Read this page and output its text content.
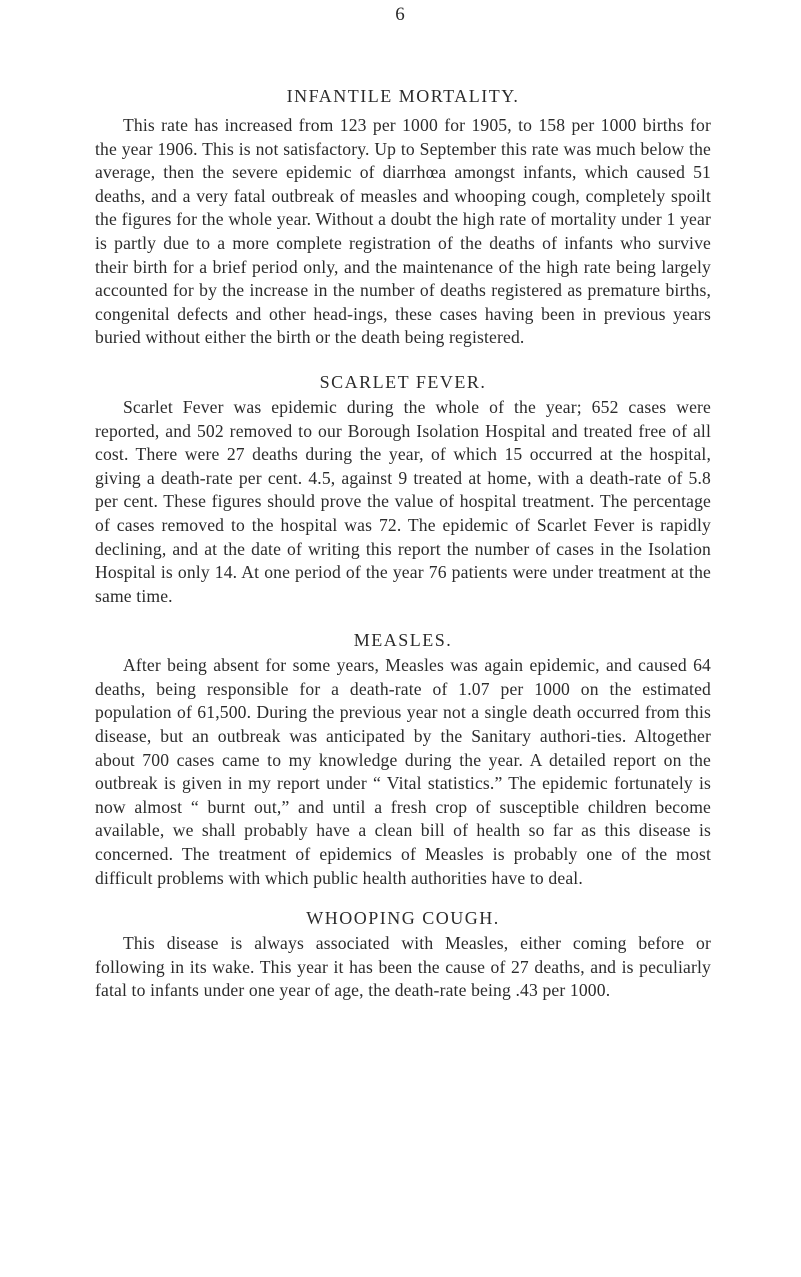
6
INFANTILE MORTALITY.

This rate has increased from 123 per 1000 for 1905, to 158 per 1000 births for the year 1906. This is not satisfactory. Up to September this rate was much below the average, then the severe epidemic of diarrhœa amongst infants, which caused 51 deaths, and a very fatal outbreak of measles and whooping cough, completely spoilt the figures for the whole year. Without a doubt the high rate of mortality under 1 year is partly due to a more complete registration of the deaths of infants who survive their birth for a brief period only, and the maintenance of the high rate being largely accounted for by the increase in the number of deaths registered as premature births, congenital defects and other head-ings, these cases having been in previous years buried without either the birth or the death being registered.

SCARLET FEVER.

Scarlet Fever was epidemic during the whole of the year; 652 cases were reported, and 502 removed to our Borough Isolation Hospital and treated free of all cost. There were 27 deaths during the year, of which 15 occurred at the hospital, giving a death-rate per cent. 4.5, against 9 treated at home, with a death-rate of 5.8 per cent. These figures should prove the value of hospital treatment. The percentage of cases removed to the hospital was 72. The epidemic of Scarlet Fever is rapidly declining, and at the date of writing this report the number of cases in the Isolation Hospital is only 14. At one period of the year 76 patients were under treatment at the same time.

MEASLES.

After being absent for some years, Measles was again epidemic, and caused 64 deaths, being responsible for a death-rate of 1.07 per 1000 on the estimated population of 61,500. During the previous year not a single death occurred from this disease, but an outbreak was anticipated by the Sanitary authori-ties. Altogether about 700 cases came to my knowledge during the year. A detailed report on the outbreak is given in my report under “ Vital statistics.” The epidemic fortunately is now almost “ burnt out,” and until a fresh crop of susceptible children become available, we shall probably have a clean bill of health so far as this disease is concerned. The treatment of epidemics of Measles is probably one of the most difficult problems with which public health authorities have to deal.

WHOOPING COUGH.

This disease is always associated with Measles, either coming before or following in its wake. This year it has been the cause of 27 deaths, and is peculiarly fatal to infants under one year of age, the death-rate being .43 per 1000.
